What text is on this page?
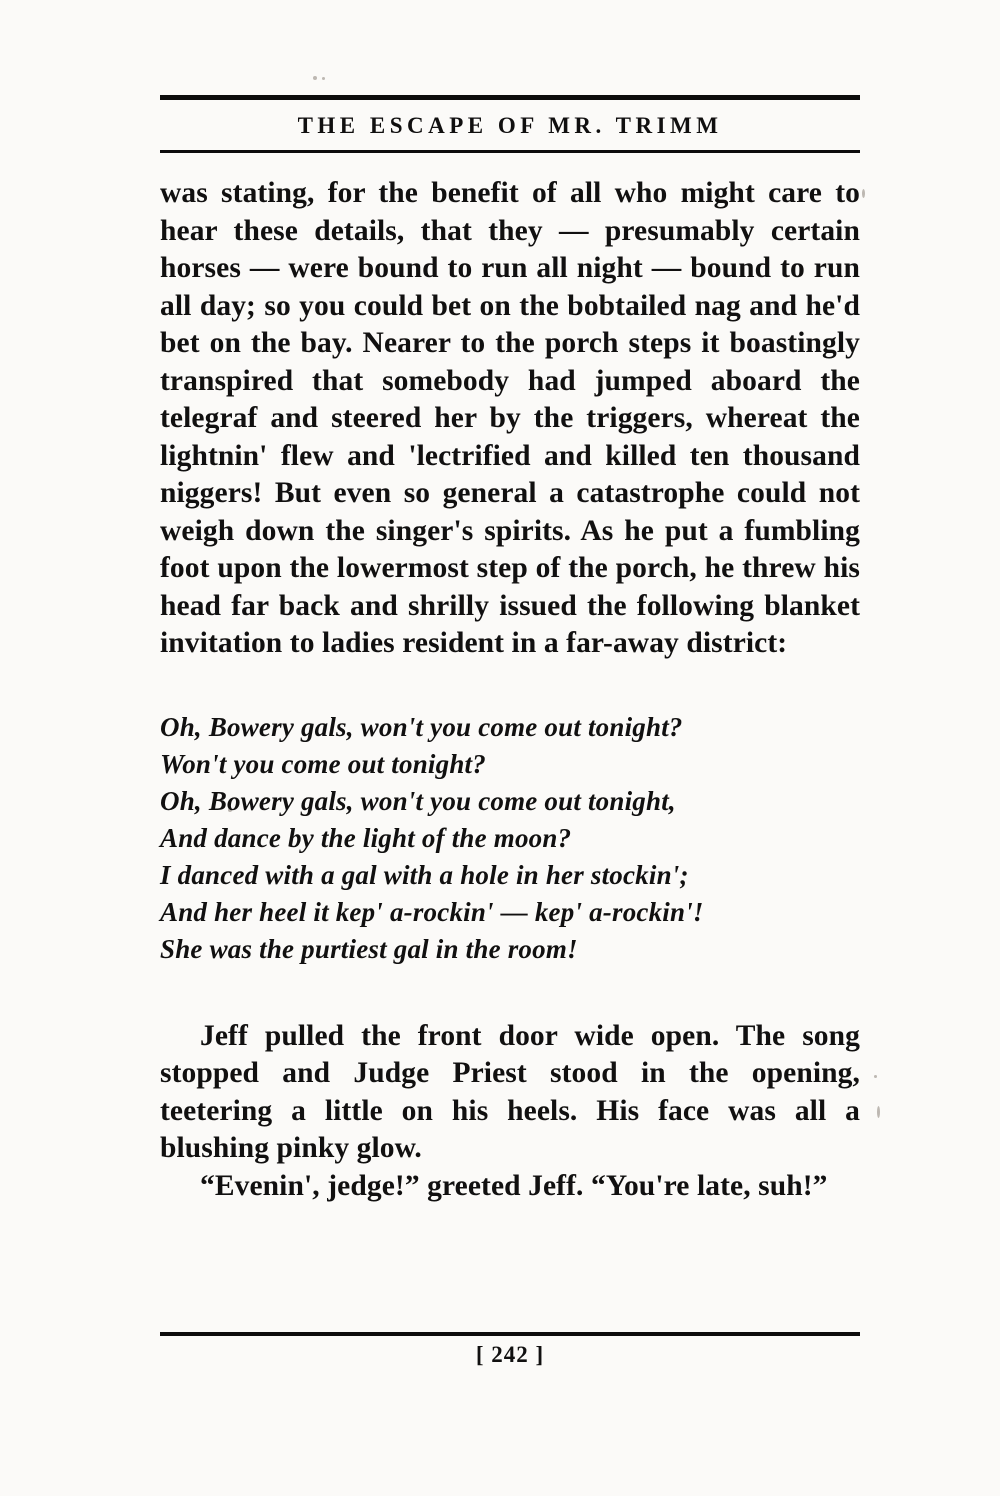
THE ESCAPE OF MR. TRIMM

was stating, for the benefit of all who might care to hear these details, that they — presumably certain horses — were bound to run all night — bound to run all day; so you could bet on the bobtailed nag and he'd bet on the bay. Nearer to the porch steps it boastingly transpired that somebody had jumped aboard the telegraf and steered her by the triggers, whereat the lightnin' flew and 'lectrified and killed ten thousand niggers! But even so general a catastrophe could not weigh down the singer's spirits. As he put a fumbling foot upon the lowermost step of the porch, he threw his head far back and shrilly issued the following blanket invitation to ladies resident in a far-away district:

Oh, Bowery gals, won't you come out tonight?
Won't you come out tonight?
Oh, Bowery gals, won't you come out tonight,
And dance by the light of the moon?
I danced with a gal with a hole in her stockin';
And her heel it kep' a-rockin' — kep' a-rockin'!
She was the purtiest gal in the room!

Jeff pulled the front door wide open. The song stopped and Judge Priest stood in the opening, teetering a little on his heels. His face was all a blushing pinky glow.

“Evenin', jedge!” greeted Jeff. “You're late, suh!”

[ 242 ]
